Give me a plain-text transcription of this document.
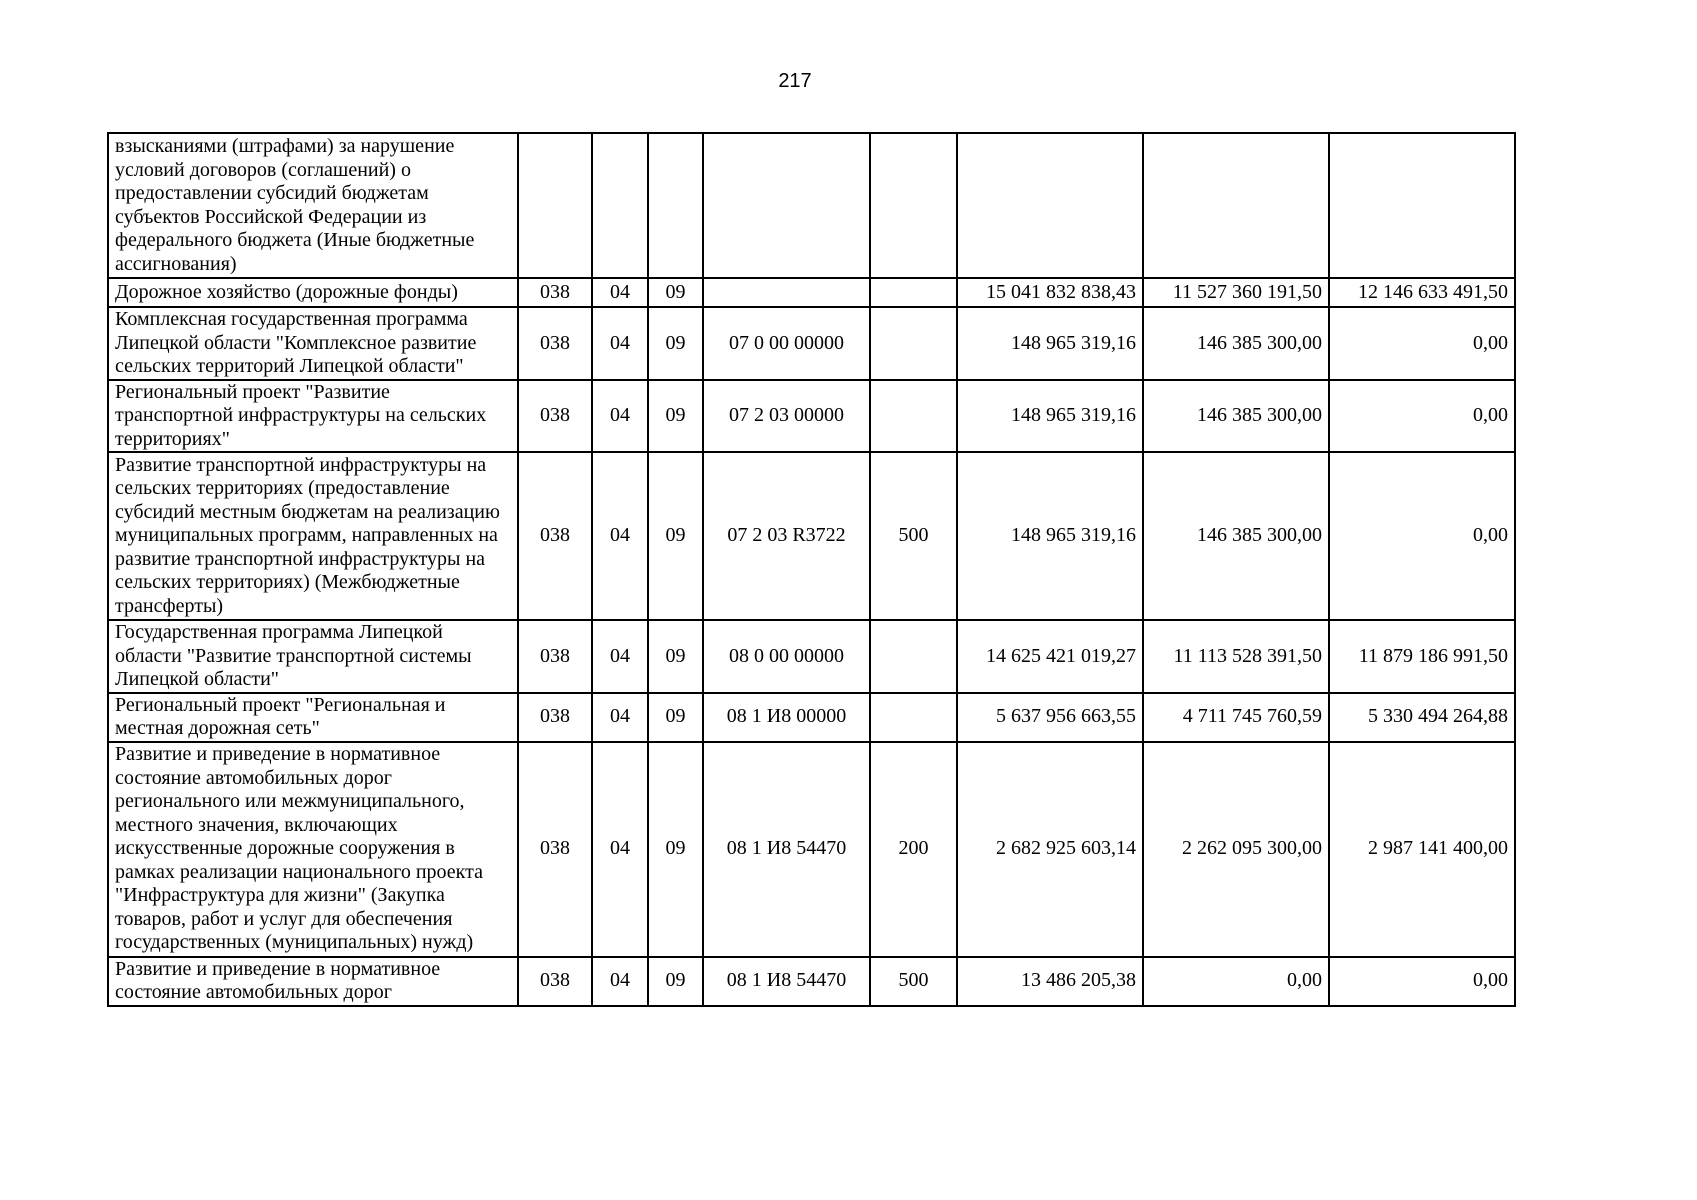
217
взысканиями (штрафами) за нарушение условий договоров (соглашений) о предоставлении субсидий бюджетам субъектов Российской Федерации из федерального бюджета (Иные бюджетные ассигнования)								
Дорожное хозяйство (дорожные фонды)	038	04	09			15 041 832 838,43	11 527 360 191,50	12 146 633 491,50
Комплексная государственная программа Липецкой области "Комплексное развитие сельских территорий Липецкой области"	038	04	09	07 0 00 00000		148 965 319,16	146 385 300,00	0,00
Региональный проект "Развитие транспортной инфраструктуры на сельских территориях"	038	04	09	07 2 03 00000		148 965 319,16	146 385 300,00	0,00
Развитие транспортной инфраструктуры на сельских территориях (предоставление субсидий местным бюджетам на реализацию муниципальных программ, направленных на развитие транспортной инфраструктуры на сельских территориях) (Межбюджетные трансферты)	038	04	09	07 2 03 R3722	500	148 965 319,16	146 385 300,00	0,00
Государственная программа Липецкой области "Развитие транспортной системы Липецкой области"	038	04	09	08 0 00 00000		14 625 421 019,27	11 113 528 391,50	11 879 186 991,50
Региональный проект "Региональная и местная дорожная сеть"	038	04	09	08 1 И8 00000		5 637 956 663,55	4 711 745 760,59	5 330 494 264,88
Развитие и приведение в нормативное состояние автомобильных дорог регионального или межмуниципального, местного значения, включающих искусственные дорожные сооружения в рамках реализации национального проекта "Инфраструктура для жизни" (Закупка товаров, работ и услуг для обеспечения государственных (муниципальных) нужд)	038	04	09	08 1 И8 54470	200	2 682 925 603,14	2 262 095 300,00	2 987 141 400,00
Развитие и приведение в нормативное состояние автомобильных дорог	038	04	09	08 1 И8 54470	500	13 486 205,38	0,00	0,00
